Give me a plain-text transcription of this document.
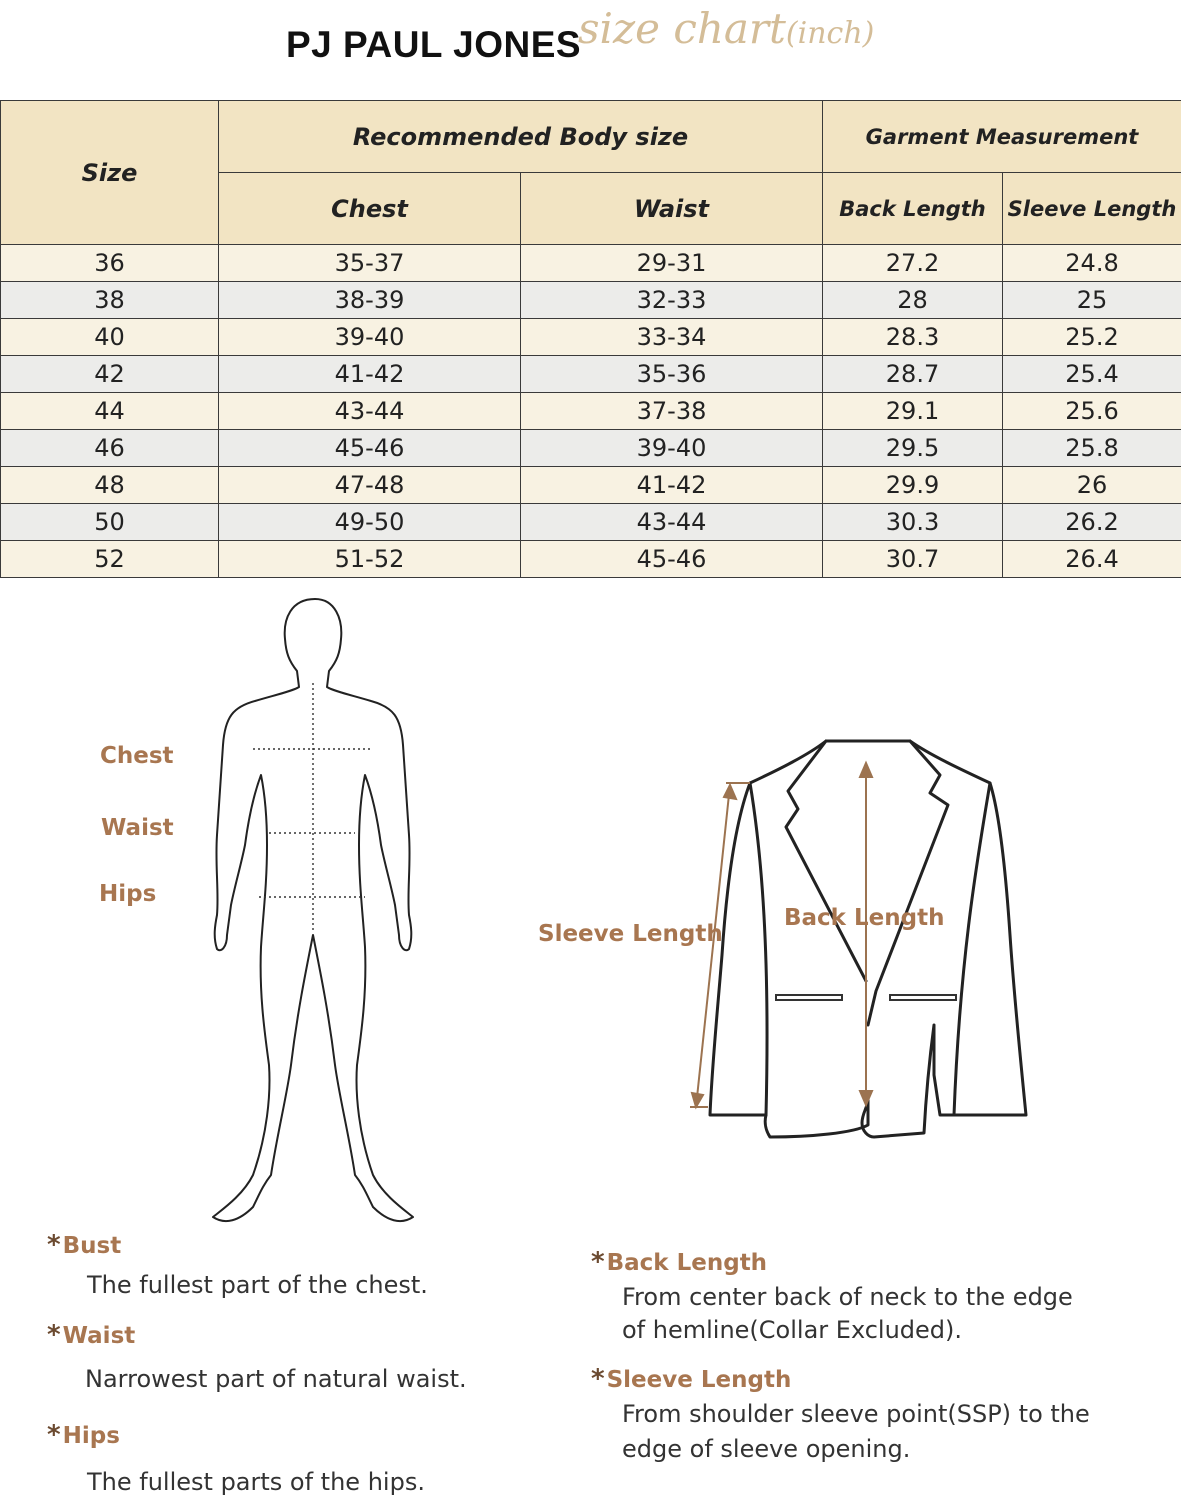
PJ PAUL JONES
size chart(inch)
Size	Recommended Body size		Garment Measurement	
	Chest	Waist	Back Length	Sleeve Length
36	35-37	29-31	27.2	24.8
38	38-39	32-33	28	25
40	39-40	33-34	28.3	25.2
42	41-42	35-36	28.7	25.4
44	43-44	37-38	29.1	25.6
46	45-46	39-40	29.5	25.8
48	47-48	41-42	29.9	26
50	49-50	43-44	30.3	26.2
52	51-52	45-46	30.7	26.4
Chest
Waist
Hips
Sleeve Length
Back Length
*Bust
The fullest part of the chest.
*Waist
Narrowest part of natural waist.
*Hips
The fullest parts of the hips.
*Back Length
From center back of neck to the edge
of hemline(Collar Excluded).
*Sleeve Length
From shoulder sleeve point(SSP) to the
edge of sleeve opening.
